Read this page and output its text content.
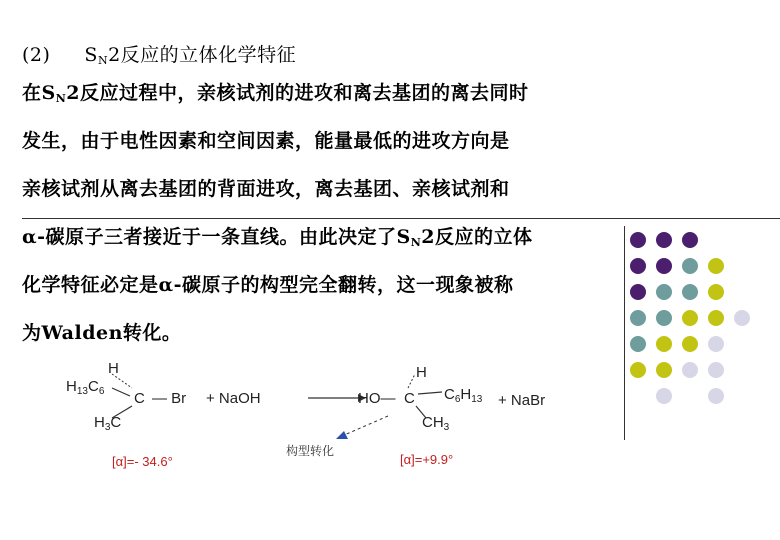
(2) $S_N2$反应的立体化学特征
在$S_N2$反应过程中，亲核试剂的进攻和离去基团的离去同时
发生，由于电性因素和空间因素，能量最低的进攻方向是
亲核试剂从离去基团的背面进攻，离去基团、亲核试剂和
α-碳原子三者接近于一条直线。由此决定了$S_N2$反应的立体
化学特征必定是α-碳原子的构型完全翻转，这一现象被称
为Walden转化。
H
$H_{13}C_6$ C — Br
$H_3C$
+ NaOH	HO— C
H
$C_6H_{13}$
$CH_3$
+ NaBr
构型转化
[α]=- 34.6°	[α]=+9.9°
